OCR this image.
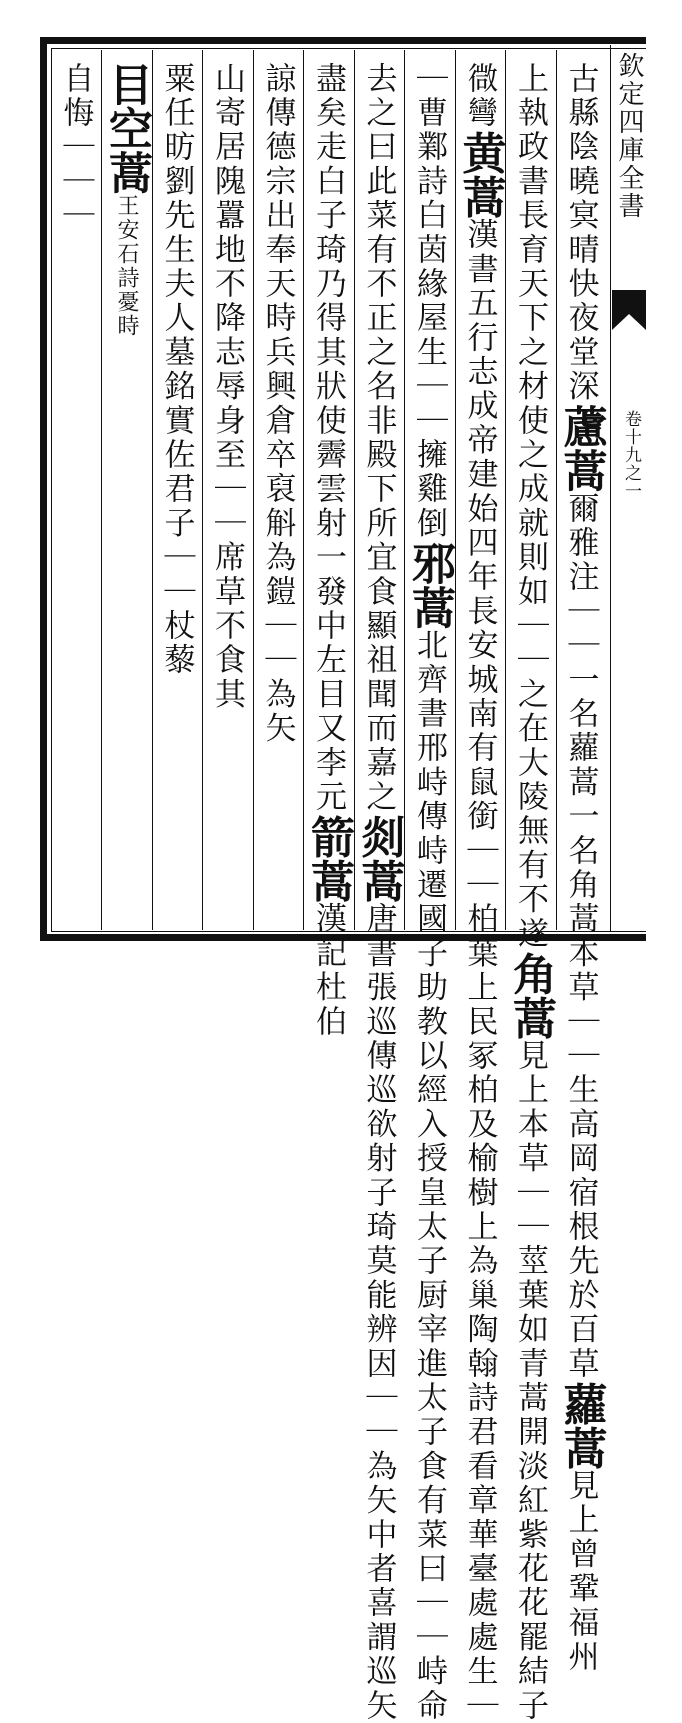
欽定四庫全書
卷十九之一
古縣陰曉㝠晴快夜堂深藘蒿爾雅注｜｜一名蘿蒿一名角蒿本草｜｜生高岡宿根先於百草蘿蒿見上曾鞏福州
上執政書長育天下之材使之成就則如｜｜之在大陵無有不遂角蒿見上本草｜｜莖葉如青蒿開淡紅紫花花罷結子
㣲彎黄蒿漢書五行志成帝建始四年長安城南有鼠銜｜｜柏葉上民冢柏及榆樹上為巢陶翰詩君看章華臺處處生｜
｜曹鄴詩白茵緣屋生｜｜擁雞倒邪蒿北齊書邢峙傳峙遷國子助教以經入授皇太子厨宰進太子食有菜曰｜｜峙命
去之曰此菜有不正之名非殿下所宜食顯祖聞而嘉之剡蒿唐書張巡傳巡欲射子琦莫能辨因｜｜為矢中者喜謂巡矢
盡矣走白子琦乃得其狀使霽雲射一發中左目又李元箭蒿漢記杜伯
諒傳德宗出奉天時兵興倉卒裒斛為鎧｜｜為矢
山寄居隗囂地不降志辱身至｜｜席草不食其
粟任昉劉先生夫人墓銘實佐君子｜｜杖藜
目空蒿王安石詩憂時
自悔｜｜｜
